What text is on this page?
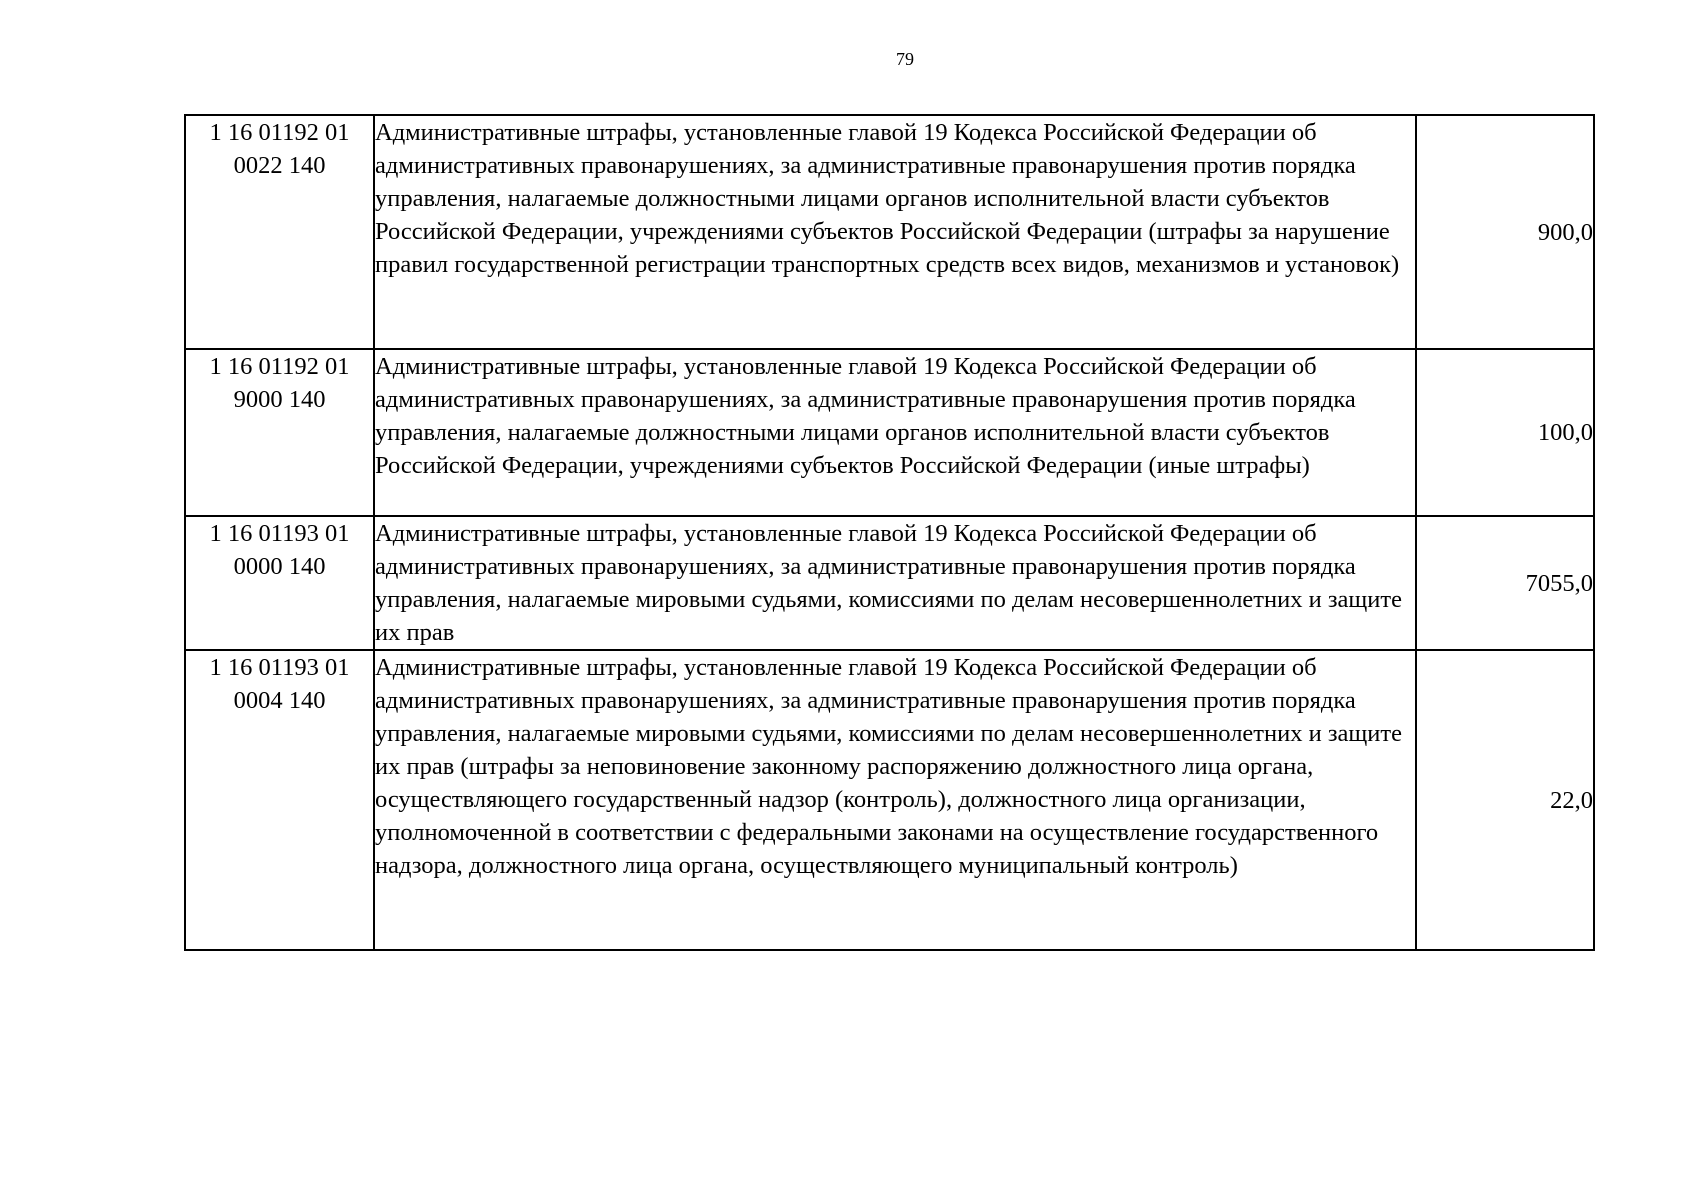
79
1 16 01192 01
0022 140	Административные штрафы, установленные главой 19 Кодекса Российской Федерации об административных правонарушениях, за административные правонарушения против порядка управления, налагаемые должностными лицами органов исполнительной власти субъектов Российской Федерации, учреждениями субъектов Российской Федерации (штрафы за нарушение правил государственной регистрации транспортных средств всех видов, механизмов и установок)	900,0

1 16 01192 01
9000 140	Административные штрафы, установленные главой 19 Кодекса Российской Федерации об административных правонарушениях, за административные правонарушения против порядка управления, налагаемые должностными лицами органов исполнительной власти субъектов Российской Федерации, учреждениями субъектов Российской Федерации (иные штрафы)	100,0

1 16 01193 01
0000 140	Административные штрафы, установленные главой 19 Кодекса Российской Федерации об административных правонарушениях, за административные правонарушения против порядка управления, налагаемые мировыми судьями, комиссиями по делам несовершеннолетних и защите их прав	7055,0

1 16 01193 01
0004 140	Административные штрафы, установленные главой 19 Кодекса Российской Федерации об административных правонарушениях, за административные правонарушения против порядка управления, налагаемые мировыми судьями, комиссиями по делам несовершеннолетних и защите их прав (штрафы за неповиновение законному распоряжению должностного лица органа, осуществляющего государственный надзор (контроль), должностного лица организации, уполномоченной в соответствии с федеральными законами на осуществление государственного надзора, должностного лица органа, осуществляющего муниципальный контроль)	22,0
